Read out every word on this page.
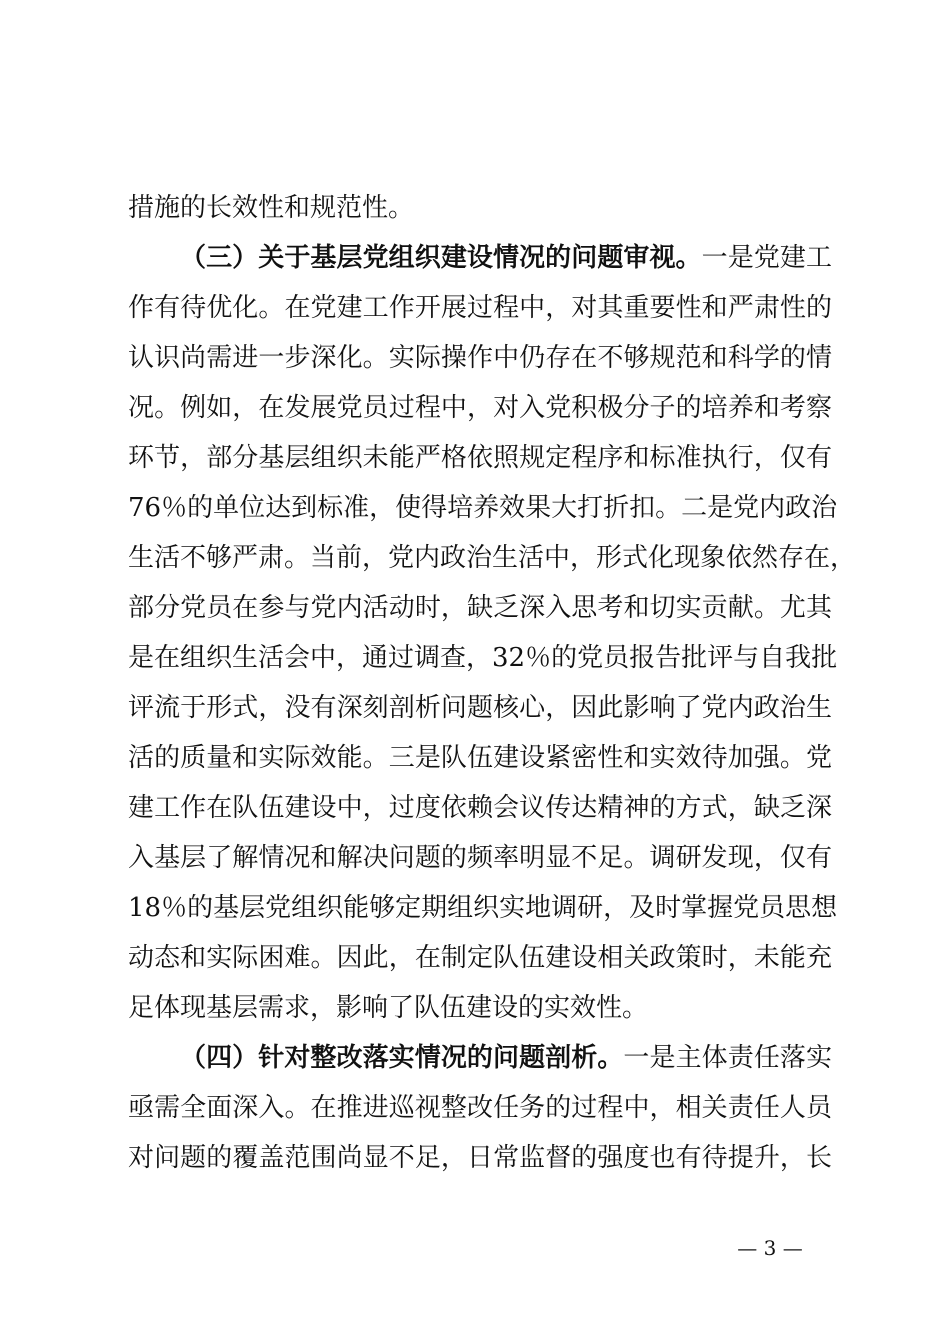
措施的长效性和规范性。
（三）关于基层党组织建设情况的问题审视。一是党建工
作有待优化。在党建工作开展过程中，对其重要性和严肃性的
认识尚需进一步深化。实际操作中仍存在不够规范和科学的情
况。例如，在发展党员过程中，对入党积极分子的培养和考察
环节，部分基层组织未能严格依照规定程序和标准执行，仅有
76％的单位达到标准，使得培养效果大打折扣。二是党内政治
生活不够严肃。当前，党内政治生活中，形式化现象依然存在，
部分党员在参与党内活动时，缺乏深入思考和切实贡献。尤其
是在组织生活会中，通过调查，32％的党员报告批评与自我批
评流于形式，没有深刻剖析问题核心，因此影响了党内政治生
活的质量和实际效能。三是队伍建设紧密性和实效待加强。党
建工作在队伍建设中，过度依赖会议传达精神的方式，缺乏深
入基层了解情况和解决问题的频率明显不足。调研发现，仅有
18％的基层党组织能够定期组织实地调研，及时掌握党员思想
动态和实际困难。因此，在制定队伍建设相关政策时，未能充
足体现基层需求，影响了队伍建设的实效性。
（四）针对整改落实情况的问题剖析。一是主体责任落实
亟需全面深入。在推进巡视整改任务的过程中，相关责任人员
对问题的覆盖范围尚显不足，日常监督的强度也有待提升，长
— 3 —
